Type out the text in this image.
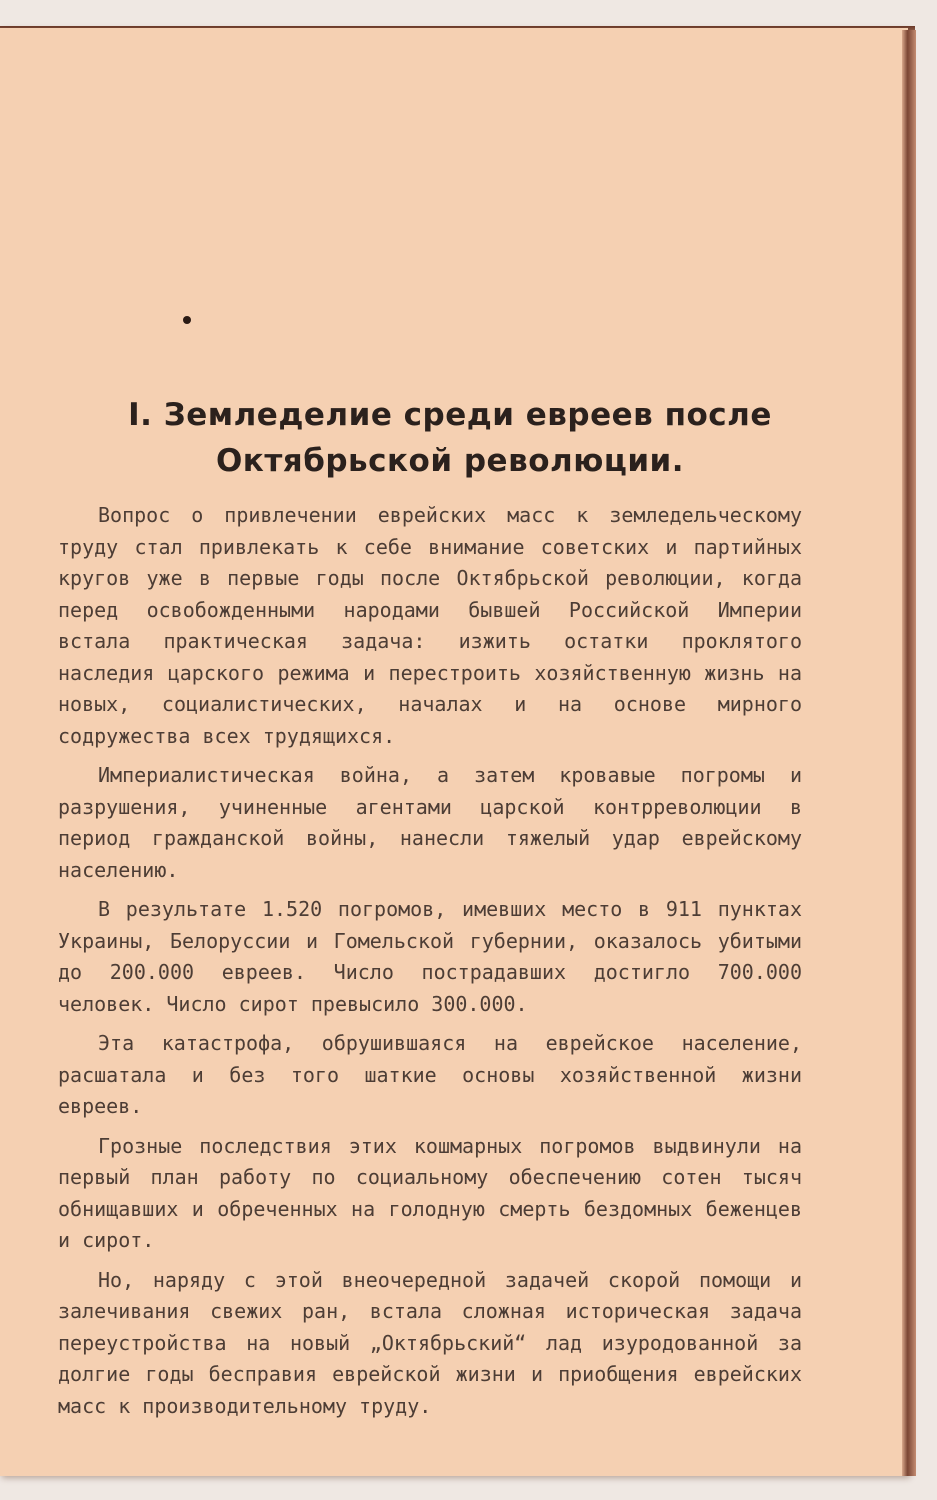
I. Земледелие среди евреев после Октябрьской революции.

Вопрос о привлечении еврейских масс к земледельческому труду стал привлекать к себе внимание советских и партийных кругов уже в первые годы после Октябрьской революции, когда перед освобожденными народами бывшей Российской Империи встала практическая задача: изжить остатки проклятого наследия царского режима и перестроить хозяйственную жизнь на новых, социалистических, началах и на основе мирного содружества всех трудящихся.

Империалистическая война, а затем кровавые погромы и разрушения, учиненные агентами царской контрреволюции в период гражданской войны, нанесли тяжелый удар еврейскому населению.

В результате 1.520 погромов, имевших место в 911 пунктах Украины, Белоруссии и Гомельской губернии, оказалось убитыми до 200.000 евреев. Число пострадавших достигло 700.000 человек. Число сирот превысило 300.000.

Эта катастрофа, обрушившаяся на еврейское население, расшатала и без того шаткие основы хозяйственной жизни евреев.

Грозные последствия этих кошмарных погромов выдвинули на первый план работу по социальному обеспечению сотен тысяч обнищавших и обреченных на голодную смерть бездомных беженцев и сирот.

Но, наряду с этой внеочередной задачей скорой помощи и залечивания свежих ран, встала сложная историческая задача переустройства на новый „Октябрьский“ лад изуродованной за долгие годы бесправия еврейской жизни и приобщения еврейских масс к производительному труду.
